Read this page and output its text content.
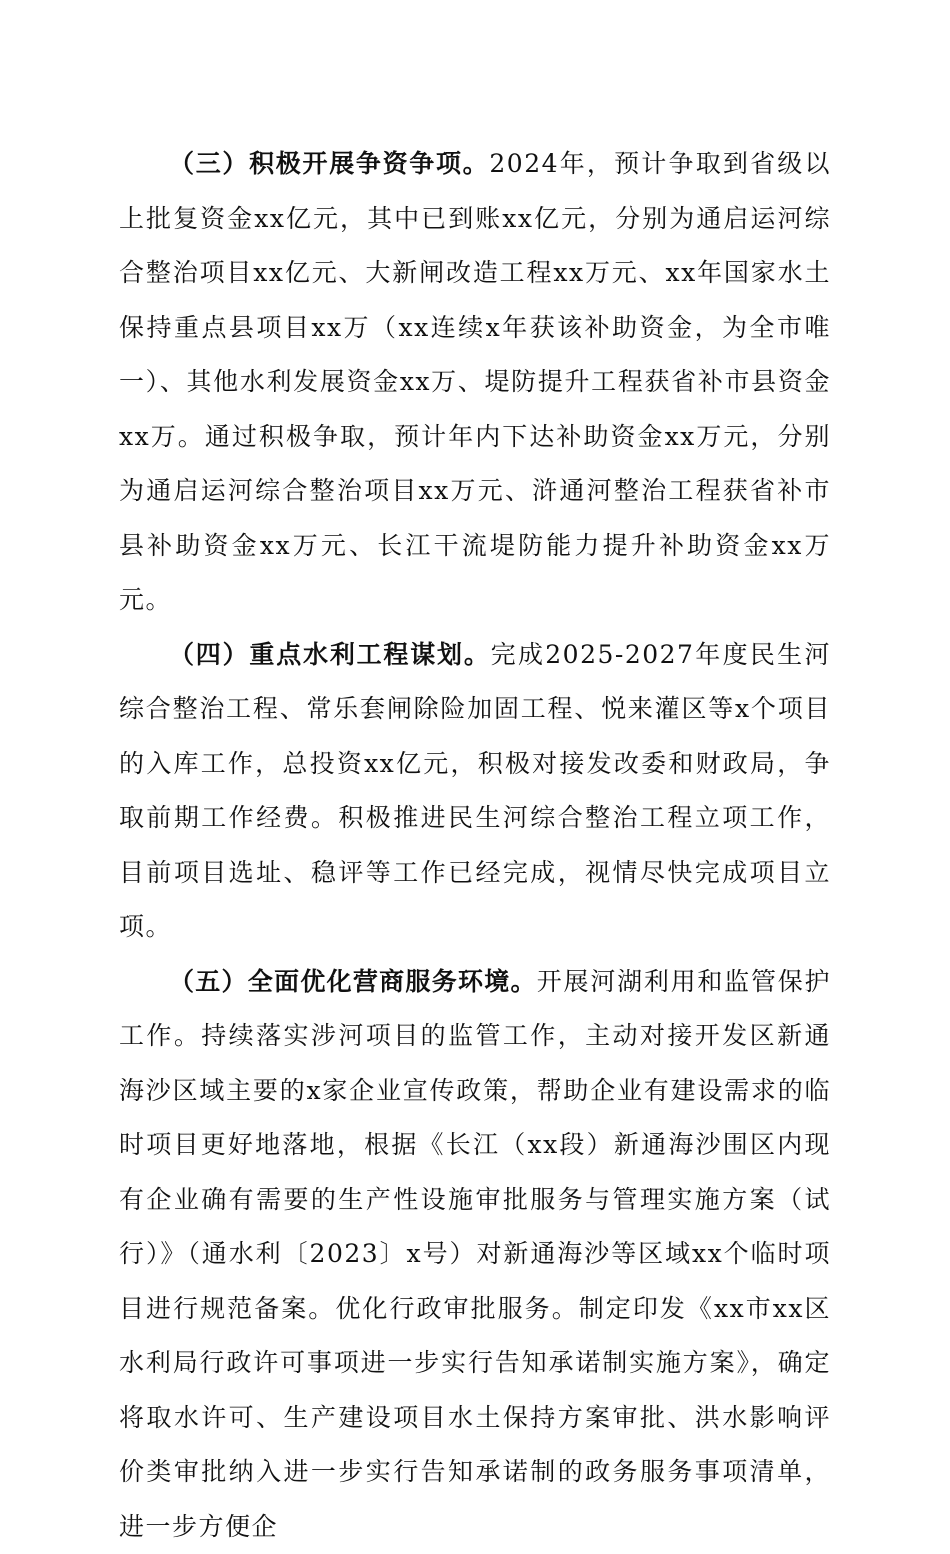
（三）积极开展争资争项。2024年，预计争取到省级以上批复资金xx亿元，其中已到账xx亿元，分别为通启运河综合整治项目xx亿元、大新闸改造工程xx万元、xx年国家水土保持重点县项目xx万（xx连续x年获该补助资金，为全市唯一）、其他水利发展资金xx万、堤防提升工程获省补市县资金xx万。通过积极争取，预计年内下达补助资金xx万元，分别为通启运河综合整治项目xx万元、浒通河整治工程获省补市县补助资金xx万元、长江干流堤防能力提升补助资金xx万元。

（四）重点水利工程谋划。完成2025-2027年度民生河综合整治工程、常乐套闸除险加固工程、悦来灌区等x个项目的入库工作，总投资xx亿元，积极对接发改委和财政局，争取前期工作经费。积极推进民生河综合整治工程立项工作，目前项目选址、稳评等工作已经完成，视情尽快完成项目立项。

（五）全面优化营商服务环境。开展河湖利用和监管保护工作。持续落实涉河项目的监管工作，主动对接开发区新通海沙区域主要的x家企业宣传政策，帮助企业有建设需求的临时项目更好地落地，根据《长江（xx段）新通海沙围区内现有企业确有需要的生产性设施审批服务与管理实施方案（试行）》（通水利〔2023〕x号）对新通海沙等区域xx个临时项目进行规范备案。优化行政审批服务。制定印发《xx市xx区水利局行政许可事项进一步实行告知承诺制实施方案》，确定将取水许可、生产建设项目水土保持方案审批、洪水影响评价类审批纳入进一步实行告知承诺制的政务服务事项清单，进一步方便企
